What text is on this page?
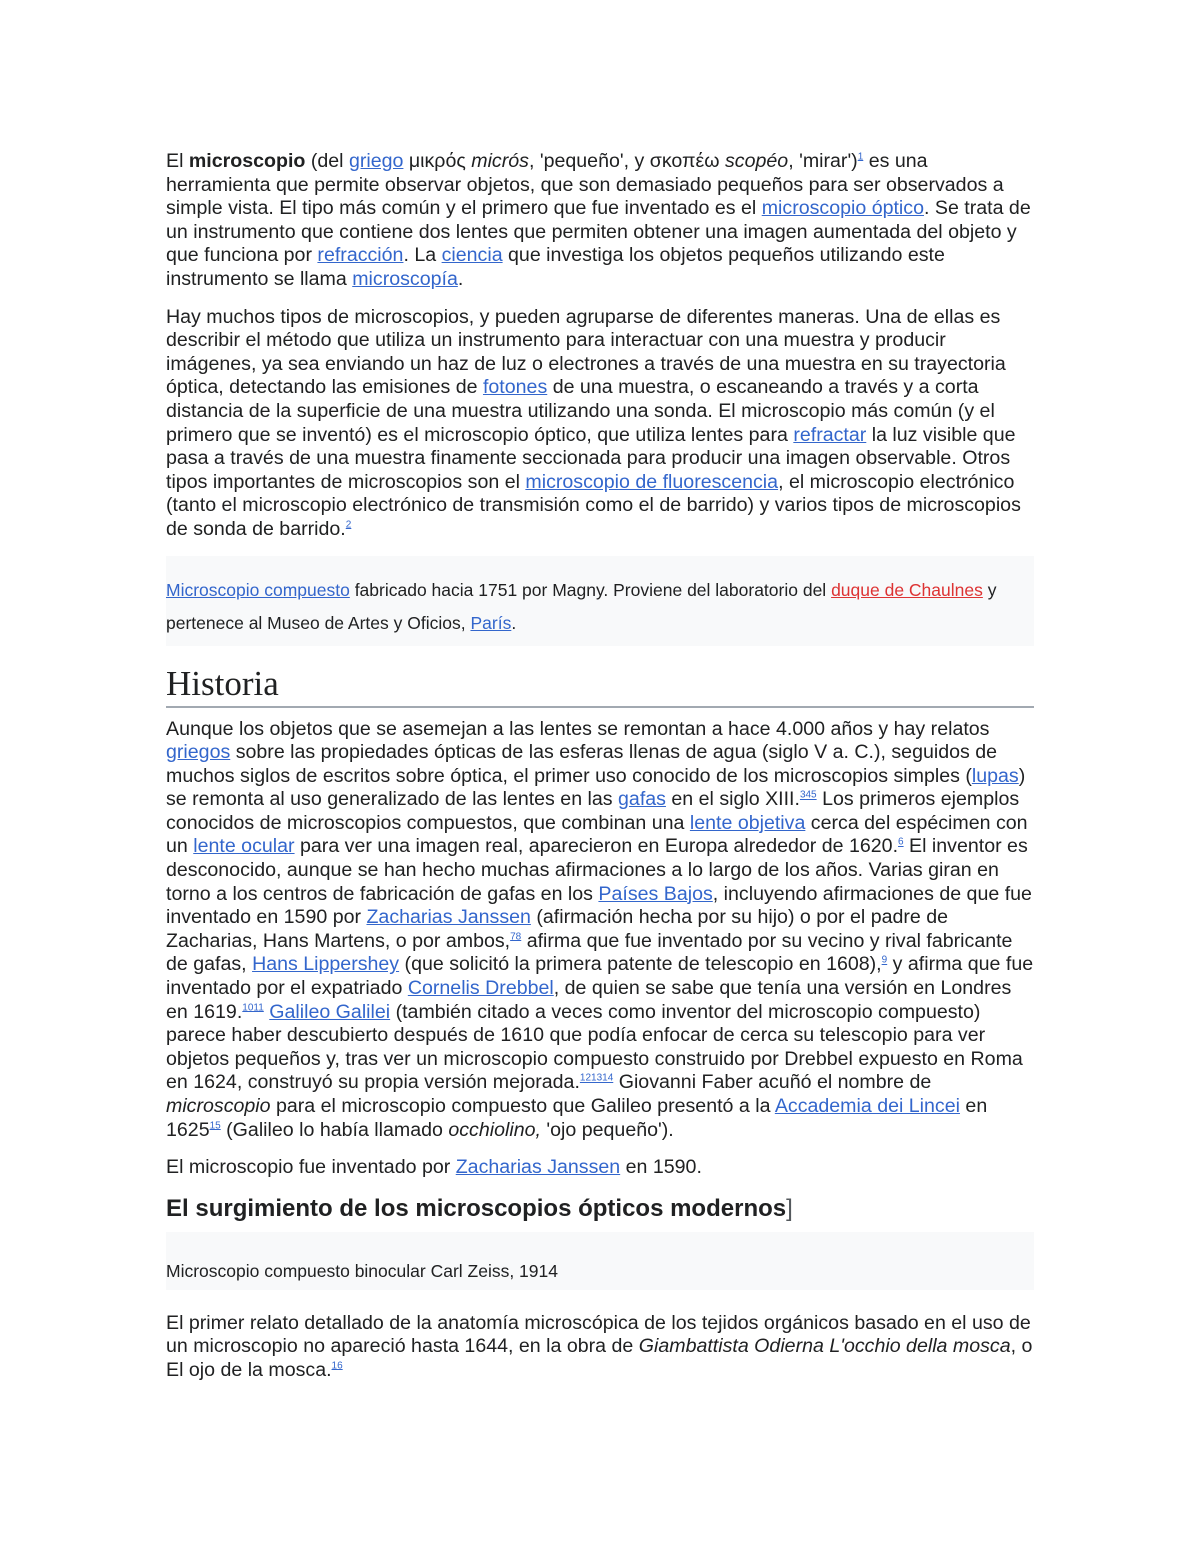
El microscopio (del griego μικρός micrós, 'pequeño', y σκοπέω scopéo, 'mirar')$^1$ es una herramienta que permite observar objetos, que son demasiado pequeños para ser observados a simple vista. El tipo más común y el primero que fue inventado es el microscopio óptico. Se trata de un instrumento que contiene dos lentes que permiten obtener una imagen aumentada del objeto y que funciona por refracción. La ciencia que investiga los objetos pequeños utilizando este instrumento se llama microscopía.

Hay muchos tipos de microscopios, y pueden agruparse de diferentes maneras. Una de ellas es describir el método que utiliza un instrumento para interactuar con una muestra y producir imágenes, ya sea enviando un haz de luz o electrones a través de una muestra en su trayectoria óptica, detectando las emisiones de fotones de una muestra, o escaneando a través y a corta distancia de la superficie de una muestra utilizando una sonda. El microscopio más común (y el primero que se inventó) es el microscopio óptico, que utiliza lentes para refractar la luz visible que pasa a través de una muestra finamente seccionada para producir una imagen observable. Otros tipos importantes de microscopios son el microscopio de fluorescencia, el microscopio electrónico (tanto el microscopio electrónico de transmisión como el de barrido) y varios tipos de microscopios de sonda de barrido.$^2$

Microscopio compuesto fabricado hacia 1751 por Magny. Proviene del laboratorio del duque de Chaulnes y pertenece al Museo de Artes y Oficios, París.

Historia

Aunque los objetos que se asemejan a las lentes se remontan a hace 4.000 años y hay relatos griegos sobre las propiedades ópticas de las esferas llenas de agua (siglo V a. C.), seguidos de muchos siglos de escritos sobre óptica, el primer uso conocido de los microscopios simples (lupas) se remonta al uso generalizado de las lentes en las gafas en el siglo XIII.$^{345}$ Los primeros ejemplos conocidos de microscopios compuestos, que combinan una lente objetiva cerca del espécimen con un lente ocular para ver una imagen real, aparecieron en Europa alrededor de 1620.$^6$ El inventor es desconocido, aunque se han hecho muchas afirmaciones a lo largo de los años. Varias giran en torno a los centros de fabricación de gafas en los Países Bajos, incluyendo afirmaciones de que fue inventado en 1590 por Zacharias Janssen (afirmación hecha por su hijo) o por el padre de Zacharias, Hans Martens, o por ambos,$^{78}$ afirma que fue inventado por su vecino y rival fabricante de gafas, Hans Lippershey (que solicitó la primera patente de telescopio en 1608),$^9$ y afirma que fue inventado por el expatriado Cornelis Drebbel, de quien se sabe que tenía una versión en Londres en 1619.$^{1011}$ Galileo Galilei (también citado a veces como inventor del microscopio compuesto) parece haber descubierto después de 1610 que podía enfocar de cerca su telescopio para ver objetos pequeños y, tras ver un microscopio compuesto construido por Drebbel expuesto en Roma en 1624, construyó su propia versión mejorada.$^{121314}$ Giovanni Faber acuñó el nombre de microscopio para el microscopio compuesto que Galileo presentó a la Accademia dei Lincei en 1625$^{15}$ (Galileo lo había llamado occhiolino, 'ojo pequeño').

El microscopio fue inventado por Zacharias Janssen en 1590.

El surgimiento de los microscopios ópticos modernos]

Microscopio compuesto binocular Carl Zeiss, 1914

El primer relato detallado de la anatomía microscópica de los tejidos orgánicos basado en el uso de un microscopio no apareció hasta 1644, en la obra de Giambattista Odierna L'occhio della mosca, o El ojo de la mosca.$^{16}$
